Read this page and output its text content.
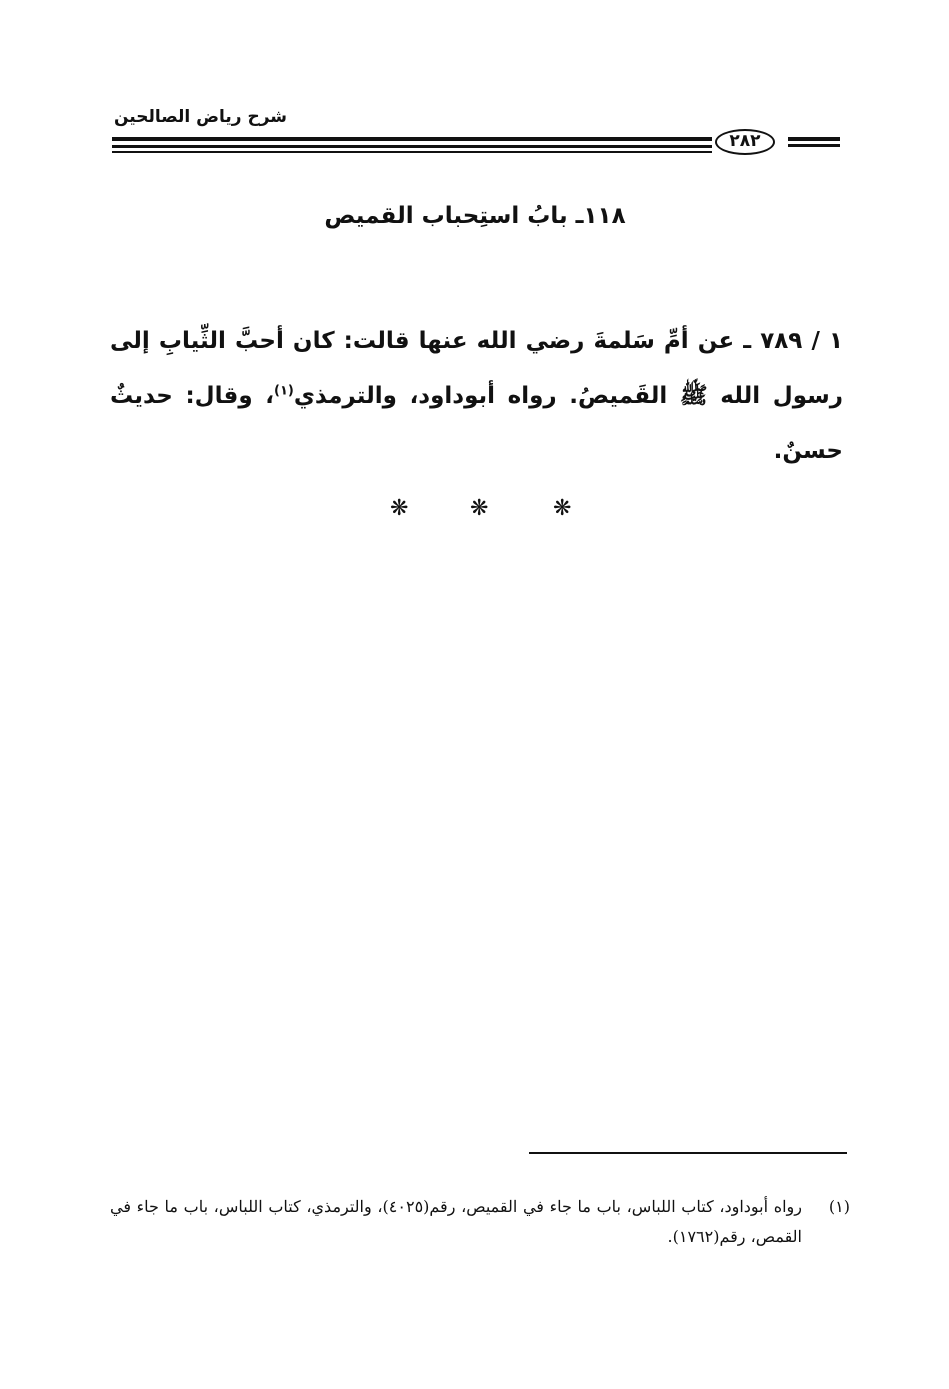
شرح رياض الصالحين
٢٨٢
١١٨ـ بابُ استِحباب القميص

١ / ٧٨٩ ـ عن أمِّ سَلمةَ رضي الله عنها قالت: كان أحبَّ الثِّيابِ إلى رسول الله ﷺ القَميصُ. رواه أبوداود، والترمذي$^{(١)}$، وقال: حديثٌ حسنٌ.

❋	❋	❋
(١)
رواه أبوداود، كتاب اللباس، باب ما جاء في القميص، رقم(٤٠٢٥)، والترمذي، كتاب اللباس، باب ما جاء في القمص، رقم(١٧٦٢).
